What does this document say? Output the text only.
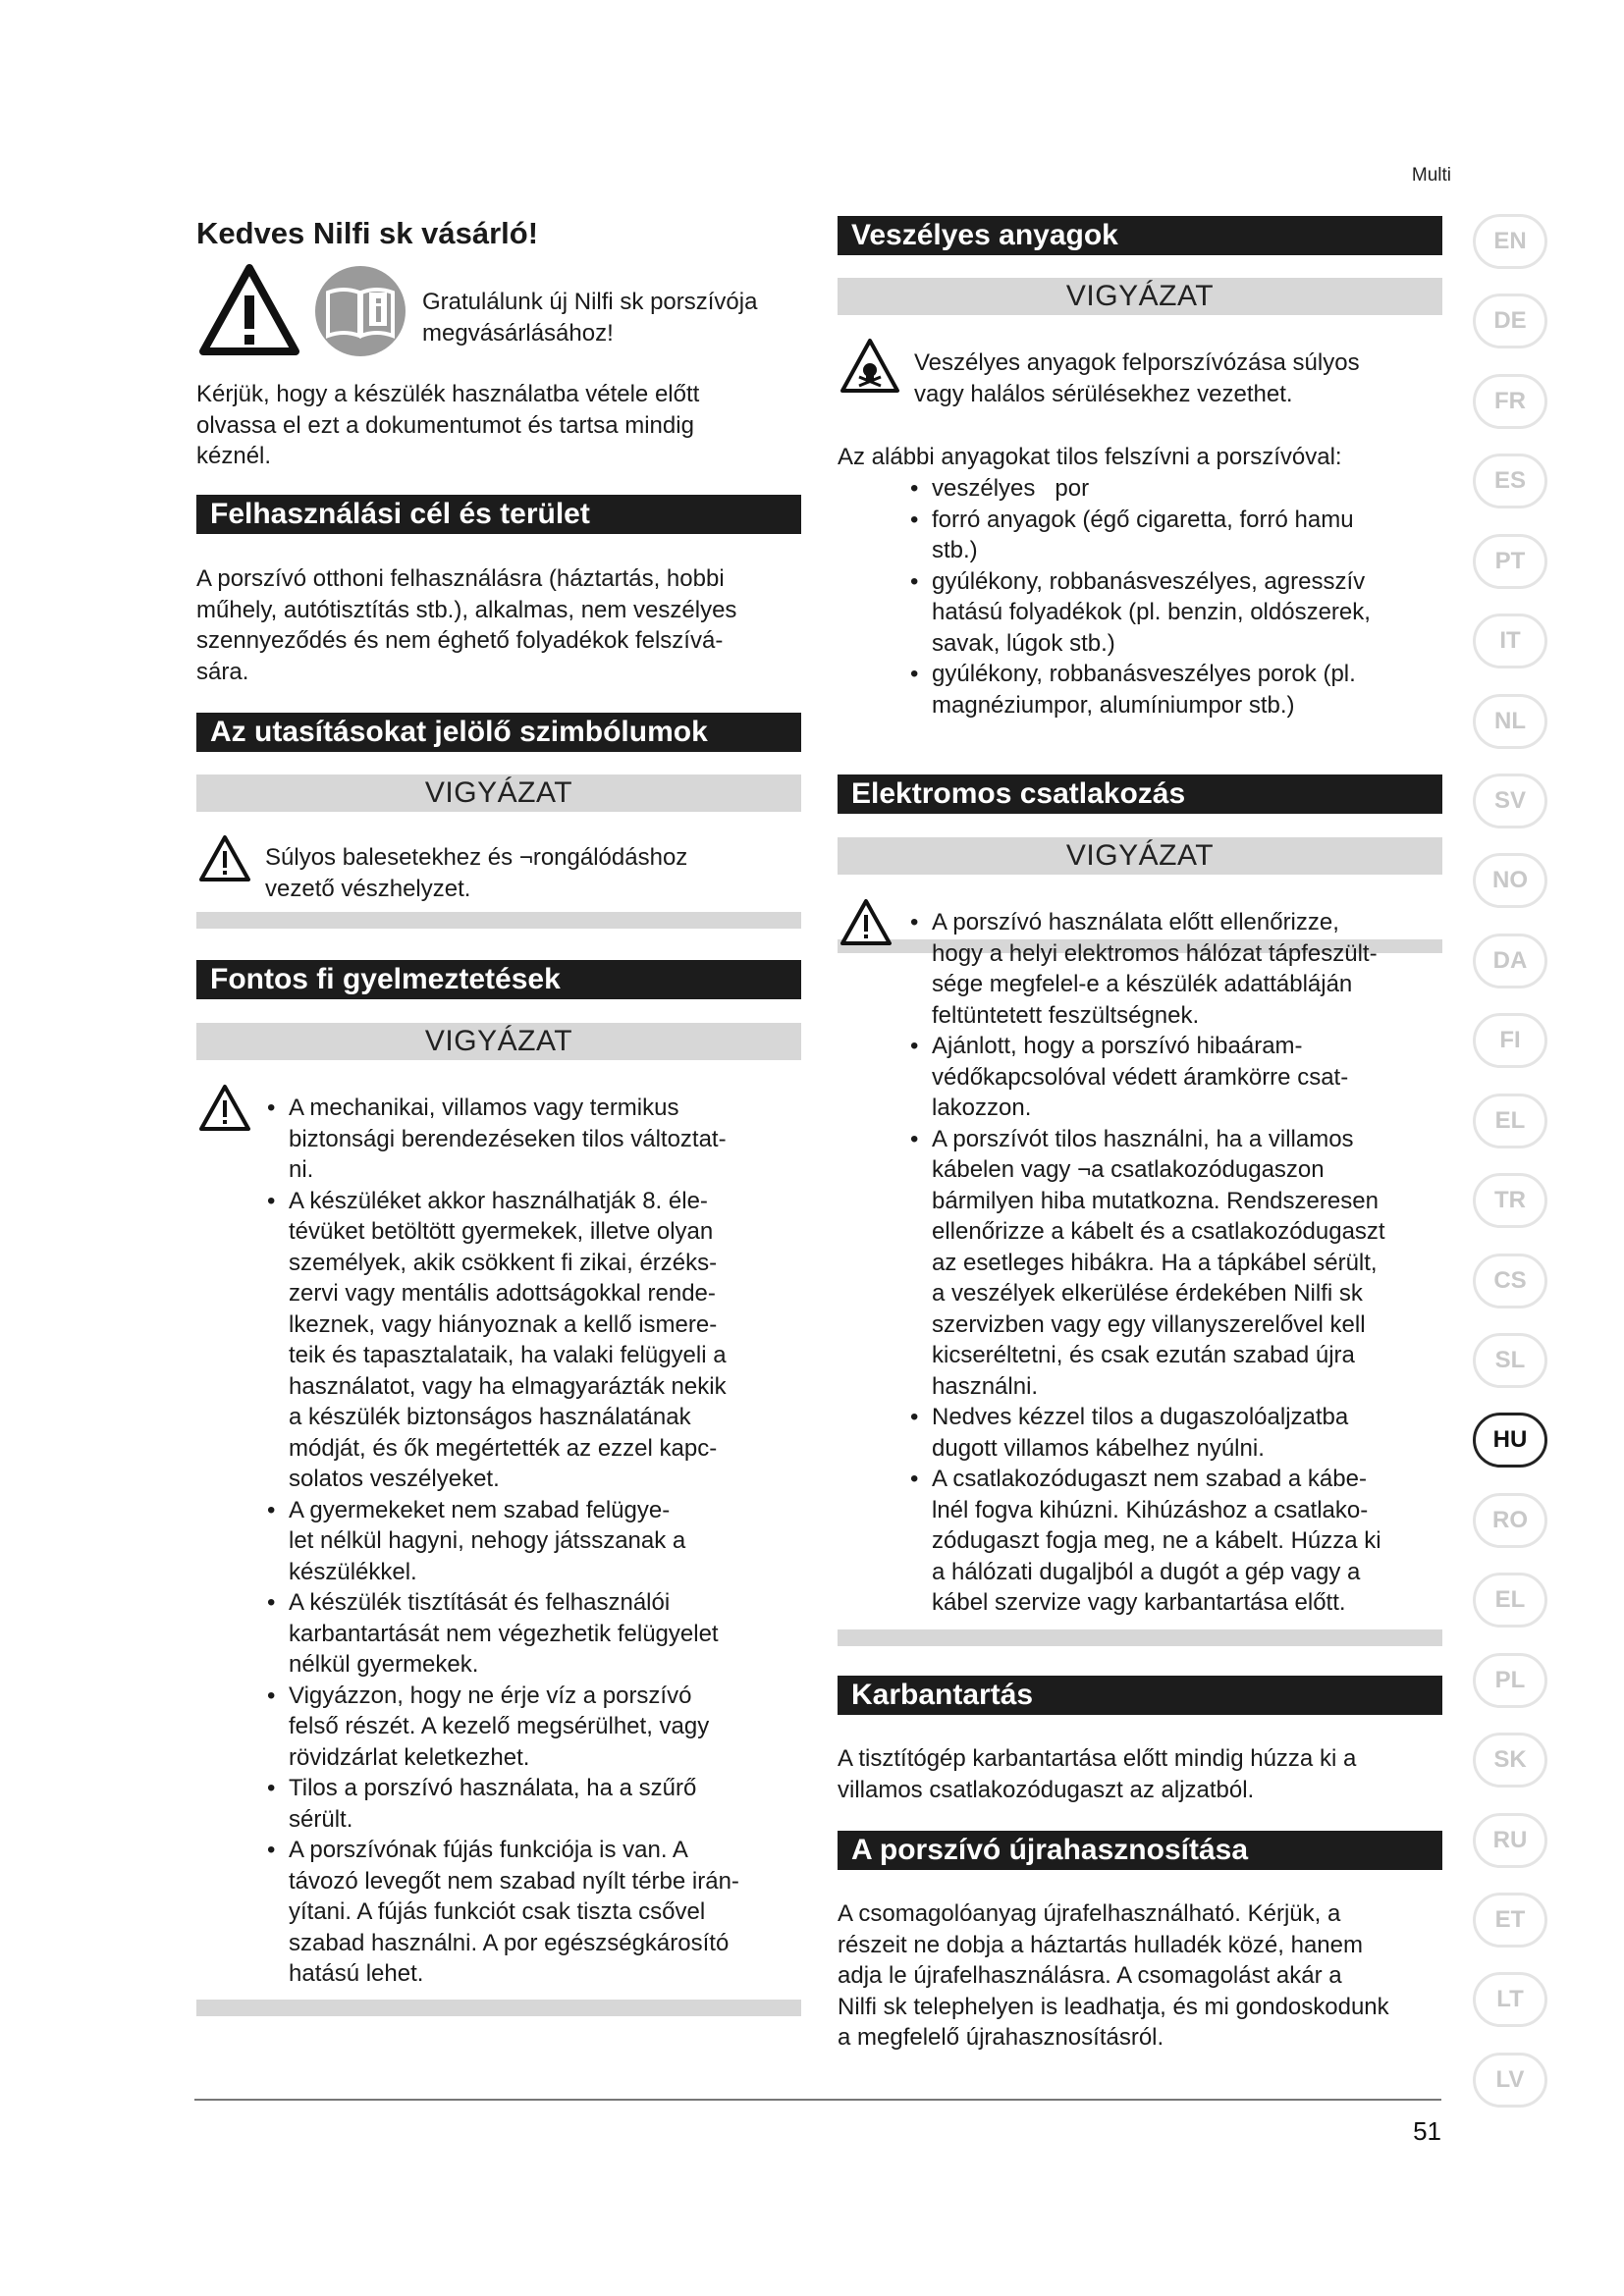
Multi
Kedves Nilfi sk vásárló!

Gratulálunk új Nilfi sk porszívója

megvásárlásához!

Kérjük, hogy a készülék használatba vétele előtt

olvassa el ezt a dokumentumot és tartsa mindig

kéznél.

Felhasználási cél és terület

A porszívó otthoni felhasználásra (háztartás, hobbi

műhely, autótisztítás stb.), alkalmas, nem veszélyes

szennyeződés és nem éghető folyadékok felszívá-

sára.

Az utasításokat jelölő szimbólumok
VIGYÁZAT

Súlyos balesetekhez és ¬rongálódáshoz

vezető vészhelyzet.

Fontos fi gyelmeztetések
VIGYÁZAT
• A mechanikai, villamos vagy termikus
biztonsági berendezéseken tilos változtat-
ni.
• A készüléket akkor használhatják 8. éle-
tévüket betöltött gyermekek, illetve olyan
személyek, akik csökkent fi zikai, érzéks-
zervi vagy mentális adottságokkal rende-
lkeznek, vagy hiányoznak a kellő ismere-
teik és tapasztalataik, ha valaki felügyeli a
használatot, vagy ha elmagyarázták nekik
a készülék biztonságos használatának
módját, és ők megértették az ezzel kapc-
solatos veszélyeket.
• A gyermekeket nem szabad felügye-
let nélkül hagyni, nehogy játsszanak a
készülékkel.
• A készülék tisztítását és felhasználói
karbantartását nem végezhetik felügyelet
nélkül gyermekek.
• Vigyázzon, hogy ne érje víz a porszívó
felső részét. A kezelő megsérülhet, vagy
rövidzárlat keletkezhet.
• Tilos a porszívó használata, ha a szűrő
sérült.
• A porszívónak fújás funkciója is van. A
távozó levegőt nem szabad nyílt térbe irán-
yítani. A fújás funkciót csak tiszta csővel
szabad használni. A por egészségkárosító
hatású lehet.
Veszélyes anyagok
VIGYÁZAT

Veszélyes anyagok felporszívózása súlyos

vagy halálos sérülésekhez vezethet.

Az alábbi anyagokat tilos felszívni a porszívóval:

• veszélyes   por
• forró anyagok (égő cigaretta, forró hamu
stb.)
• gyúlékony, robbanásveszélyes, agresszív
hatású folyadékok (pl. benzin, oldószerek,
savak, lúgok stb.)
• gyúlékony, robbanásveszélyes porok (pl.
magnéziumpor, alumíniumpor stb.)
Elektromos csatlakozás
VIGYÁZAT
• A porszívó használata előtt ellenőrizze,
hogy a helyi elektromos hálózat tápfeszült-
sége megfelel-e a készülék adattábláján
feltüntetett feszültségnek.
• Ajánlott, hogy a porszívó hibaáram-
védőkapcsolóval védett áramkörre csat-
lakozzon.
• A porszívót tilos használni, ha a villamos
kábelen vagy ¬a csatlakozódugaszon
bármilyen hiba mutatkozna. Rendszeresen
ellenőrizze a kábelt és a csatlakozódugaszt
az esetleges hibákra. Ha a tápkábel sérült,
a veszélyek elkerülése érdekében Nilfi sk
szervizben vagy egy villanyszerelővel kell
kicseréltetni, és csak ezután szabad újra
használni.
• Nedves kézzel tilos a dugaszolóaljzatba
dugott villamos kábelhez nyúlni.
• A csatlakozódugaszt nem szabad a kábe-
lnél fogva kihúzni. Kihúzáshoz a csatlako-
zódugaszt fogja meg, ne a kábelt. Húzza ki
a hálózati dugaljból a dugót a gép vagy a
kábel szervize vagy karbantartása előtt.
Karbantartás

A tisztítógép karbantartása előtt mindig húzza ki a

villamos csatlakozódugaszt az aljzatból.

A porszívó újrahasznosítása

A csomagolóanyag újrafelhasználható. Kérjük, a

részeit ne dobja a háztartás hulladék közé, hanem

adja le újrafelhasználásra. A csomagolást akár a

Nilfi sk telephelyen is leadhatja, és mi gondoskodunk

a megfelelő újrahasznosításról.

EN
DE
FR
ES
PT
IT
NL
SV
NO
DA
FI
EL
TR
CS
SL
HU
RO
EL
PL
SK
RU
ET
LT
LV
51
